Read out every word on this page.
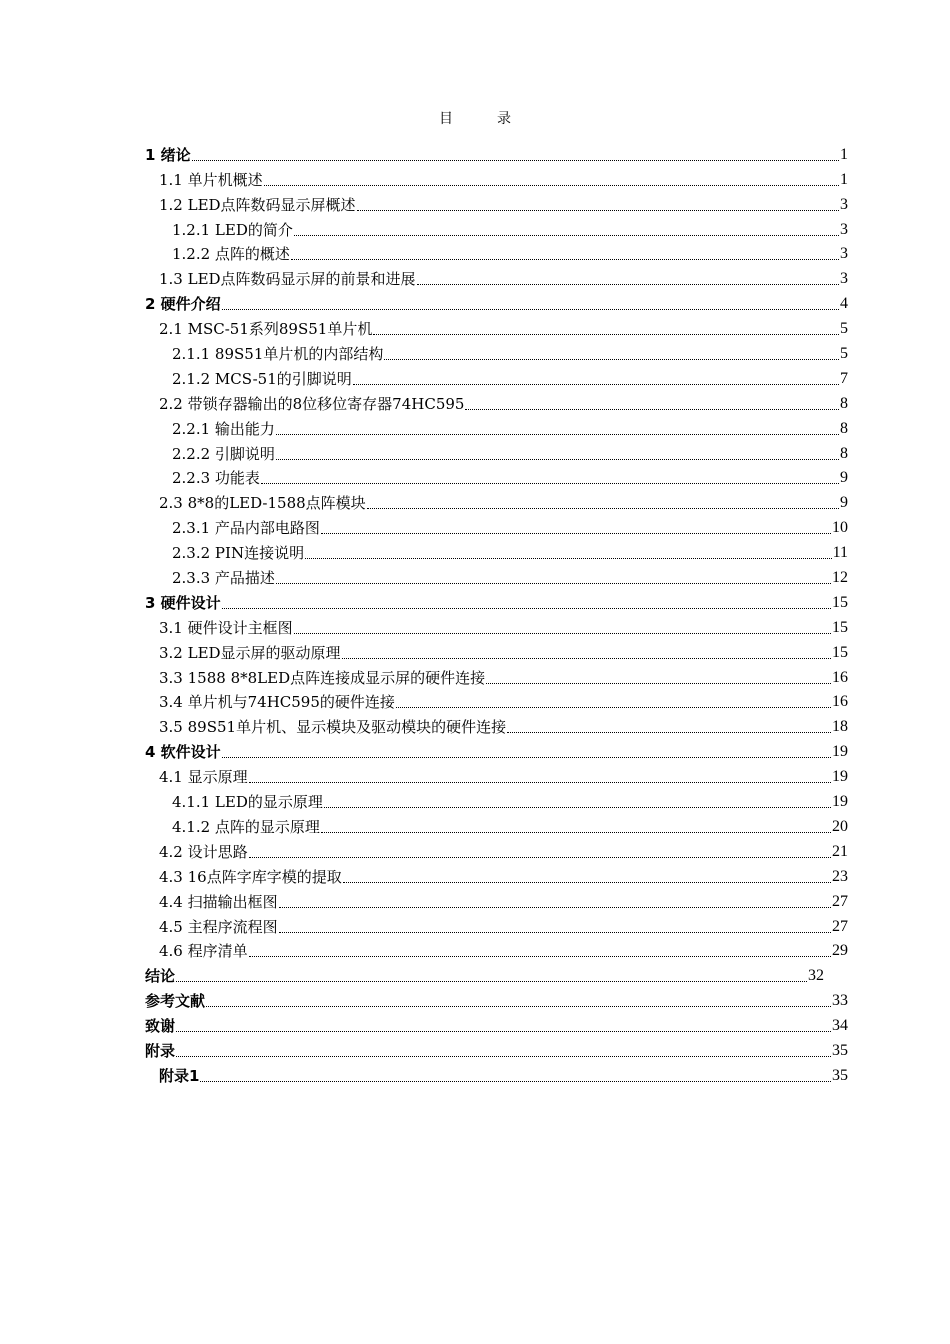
目	录
1 绪论	1
1.1 单片机概述	1
1.2 LED点阵数码显示屏概述	3
1.2.1 LED的简介	3
1.2.2 点阵的概述	3
1.3 LED点阵数码显示屏的前景和进展	3
2 硬件介绍	4
2.1 MSC-51系列89S51单片机	5
2.1.1 89S51单片机的内部结构	5
2.1.2 MCS-51的引脚说明	7
2.2 带锁存器输出的8位移位寄存器74HC595	8
2.2.1 输出能力	8
2.2.2 引脚说明	8
2.2.3 功能表	9
2.3 8*8的LED-1588点阵模块	9
2.3.1 产品内部电路图	10
2.3.2 PIN连接说明	11
2.3.3 产品描述	12
3 硬件设计	15
3.1 硬件设计主框图	15
3.2 LED显示屏的驱动原理	15
3.3 1588 8*8LED点阵连接成显示屏的硬件连接	16
3.4 单片机与74HC595的硬件连接	16
3.5 89S51单片机、显示模块及驱动模块的硬件连接	18
4 软件设计	19
4.1 显示原理	19
4.1.1 LED的显示原理	19
4.1.2 点阵的显示原理	20
4.2 设计思路	21
4.3 16点阵字库字模的提取	23
4.4 扫描输出框图	27
4.5 主程序流程图	27
4.6 程序清单	29
结论	32
参考文献	33
致谢	34
附录	35
附录1	35
